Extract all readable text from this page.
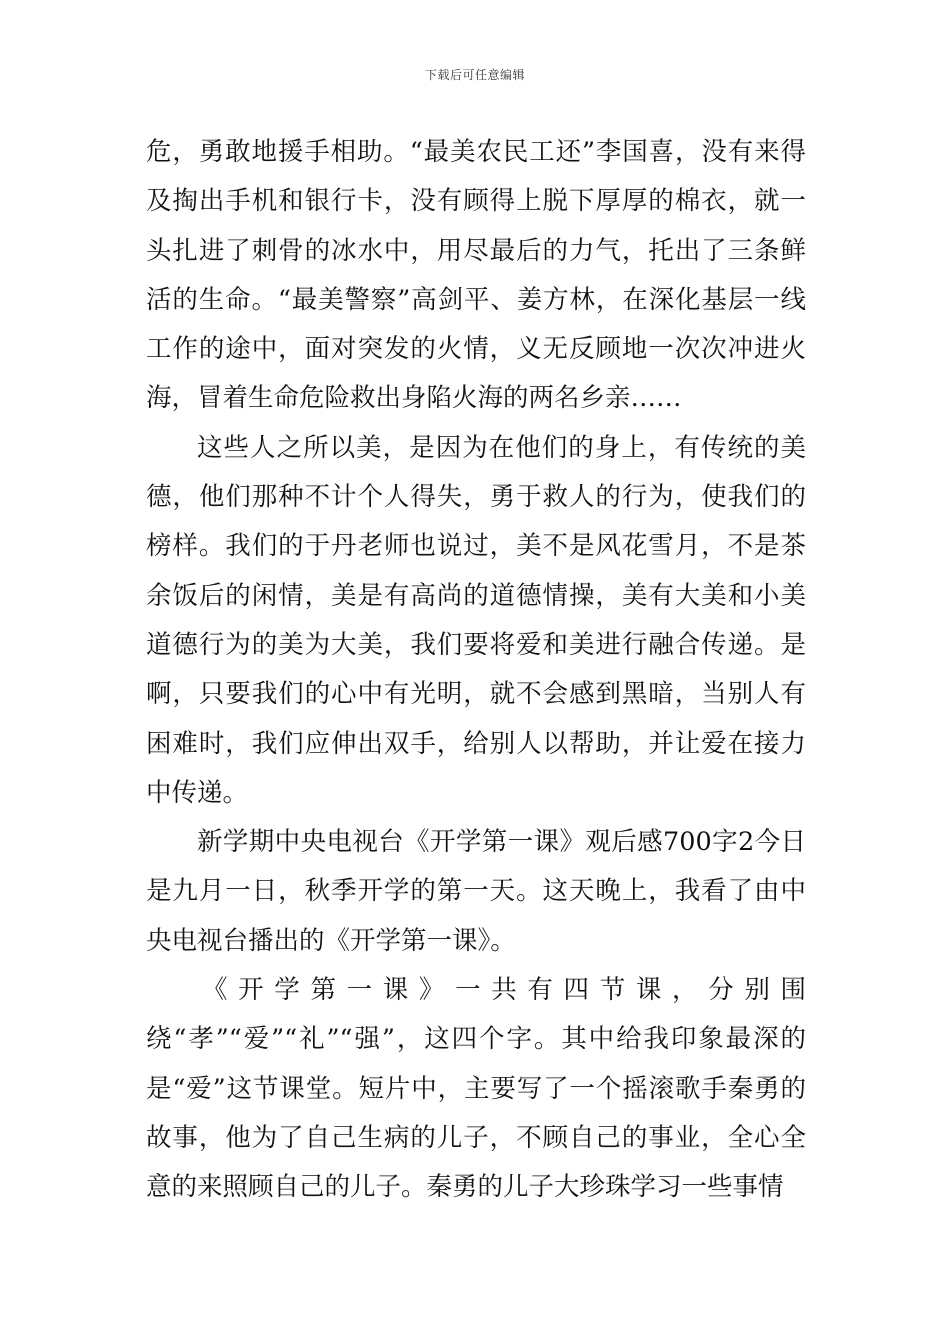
下载后可任意编辑

危，勇敢地援手相助。“最美农民工还”李国喜，没有来得及掏出手机和银行卡，没有顾得上脱下厚厚的棉衣，就一头扎进了刺骨的冰水中，用尽最后的力气，托出了三条鲜活的生命。“最美警察”高剑平、姜方林，在深化基层一线工作的途中，面对突发的火情，义无反顾地一次次冲进火海，冒着生命危险救出身陷火海的两名乡亲……

这些人之所以美，是因为在他们的身上，有传统的美德，他们那种不计个人得失，勇于救人的行为，使我们的榜样。我们的于丹老师也说过，美不是风花雪月，不是茶余饭后的闲情，美是有高尚的道德情操，美有大美和小美道德行为的美为大美，我们要将爱和美进行融合传递。是啊，只要我们的心中有光明，就不会感到黑暗，当别人有困难时，我们应伸出双手，给别人以帮助，并让爱在接力中传递。

新学期中央电视台《开学第一课》观后感700字2今日是九月一日，秋季开学的第一天。这天晚上，我看了由中央电视台播出的《开学第一课》。

《开学第一课》一共有四节课，分别围绕“孝”“爱”“礼”“强”，这四个字。其中给我印象最深的是“爱”这节课堂。短片中，主要写了一个摇滚歌手秦勇的故事，他为了自己生病的儿子，不顾自己的事业，全心全意的来照顾自己的儿子。秦勇的儿子大珍珠学习一些事情
